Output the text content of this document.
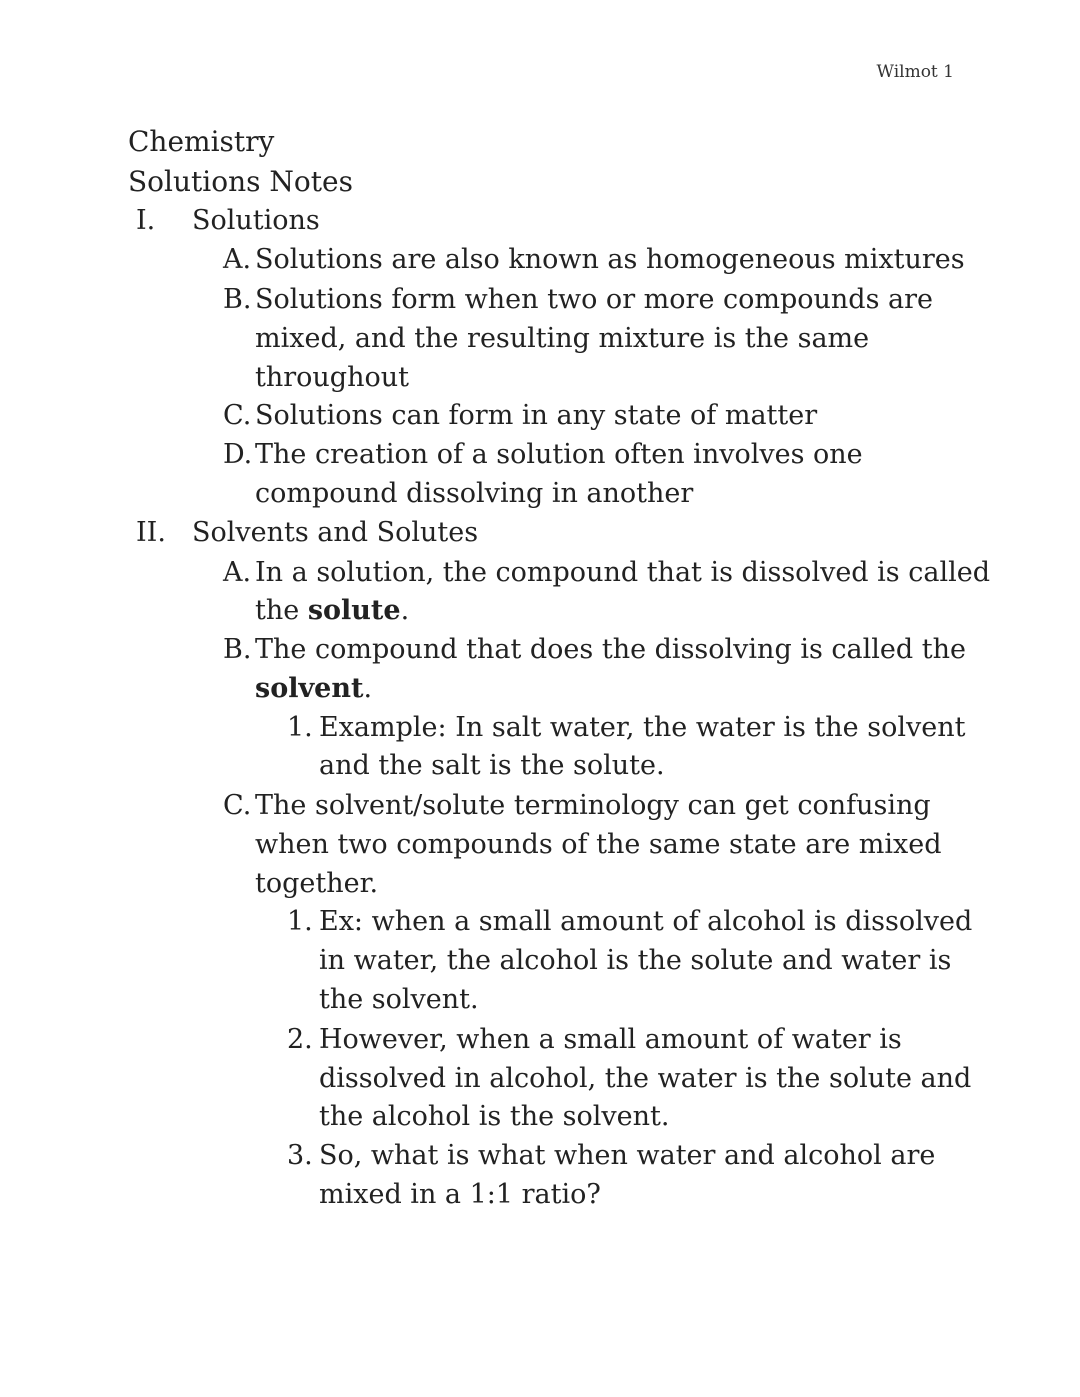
Wilmot 1
Chemistry
Solutions Notes
I. Solutions
A. Solutions are also known as homogeneous mixtures
B. Solutions form when two or more compounds are
mixed, and the resulting mixture is the same
throughout
C. Solutions can form in any state of matter
D. The creation of a solution often involves one
compound dissolving in another
II. Solvents and Solutes
A. In a solution, the compound that is dissolved is called
the solute.
B. The compound that does the dissolving is called the
solvent.
1. Example: In salt water, the water is the solvent
and the salt is the solute.
C. The solvent/solute terminology can get confusing
when two compounds of the same state are mixed
together.
1. Ex: when a small amount of alcohol is dissolved
in water, the alcohol is the solute and water is
the solvent.
2. However, when a small amount of water is
dissolved in alcohol, the water is the solute and
the alcohol is the solvent.
3. So, what is what when water and alcohol are
mixed in a 1:1 ratio?
